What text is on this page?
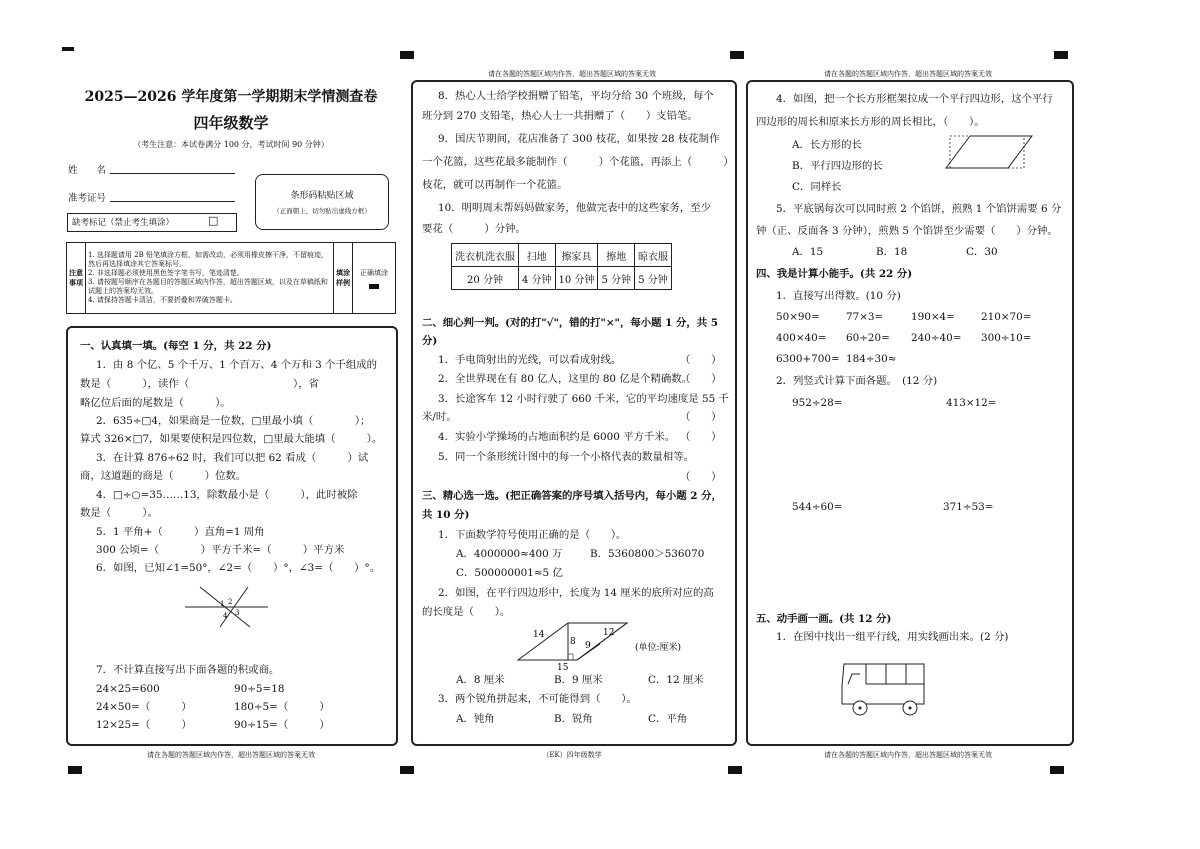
请在各题的答题区域内作答，超出答题区域的答案无效	请在各题的答题区域内作答，超出答题区域的答案无效
请在各题的答题区域内作答，超出答题区域的答案无效	（EK）四年级数学	请在各题的答题区域内作答，超出答题区域的答案无效
2025—2026 学年度第一学期期末学情测查卷
四年级数学
（考生注意：本试卷满分 100 分，考试时间 90 分钟）
姓　　名
准考证号
缺考标记（禁止考生填涂）	□
条形码粘贴区域
（正面朝上，切勿贴出虚线方框）
注意事项	
1. 选择题请用 2B 铅笔填涂方框，如需改动，必须用橡皮擦干净，不留痕迹，然后再选择填涂其它答案标号。
2. 非选择题必须使用黑色签字笔书写，笔迹清楚。
3. 请按题号顺序在各题目的答题区域内作答，超出答题区域，以及在草稿纸和试题上的答案均无效。
4. 请保持答题卡清洁，不要折叠和弄破答题卡。
	填涂样例	
正确填涂
一、认真填一填。(每空 1 分，共 22 分)
1．由 8 个亿、5 个千万、1 个百万、4 个万和 3 个千组成的
数是（　　　），读作（　　　　　　　　　　），省
略亿位后面的尾数是（　　　）。
2．635÷□4，如果商是一位数，□里最小填（　　　　）；
算式 326×□7，如果要使积是四位数，□里最大能填（　　　）。
3．在计算 876÷62 时，我们可以把 62 看成（　　　）试
商，这道题的商是（　　　）位数。
4．□÷○=35……13，除数最小是（　　　），此时被除
数是（　　　）。
5．1 平角+（　　　）直角=1 周角
300 公顷=（　　　　）平方千米=（　　　）平方米
6．如图，已知∠1=50°，∠2=（　　）°，∠3=（　　）°。
1 2
3
4
7．不计算直接写出下面各题的积或商。
24×25=600	90÷5=18
24×50=（　　　）	180÷5=（　　　）
12×25=（　　　）	90÷15=（　　　）
8．热心人士给学校捐赠了铅笔，平均分给 30 个班级，每个
班分到 270 支铅笔，热心人士一共捐赠了（　　）支铅笔。
9．国庆节期间，花店准备了 300 枝花，如果按 28 枝花制作
一个花篮，这些花最多能制作（　　　）个花篮，再添上（　　　）
枝花，就可以再制作一个花篮。
10．明明周末帮妈妈做家务，他做完表中的这些家务，至少
要花（　　　）分钟。
洗衣机洗衣服	扫地	擦家具	擦地	晾衣服
20 分钟	4 分钟	10 分钟	5 分钟	5 分钟
二、细心判一判。(对的打"√"，错的打"×"，每小题 1 分，共 5
分)
1．手电筒射出的光线，可以看成射线。	（　　）
2．全世界现在有 80 亿人，这里的 80 亿是个精确数。
（　　）
3．长途客车 12 小时行驶了 660 千米，它的平均速度是 55 千
米/时。	（　　）
4．实验小学操场的占地面积约是 6000 平方千米。 （　　）
5．同一个条形统计图中的每一个小格代表的数量相等。
（　　）
三、精心选一选。(把正确答案的序号填入括号内，每小题 2 分，
共 10 分)
1．下面数学符号使用正确的是（　　）。
A．4000000≈400 万	B．5360800＞536070
C．500000001≈5 亿
2．如图，在平行四边形中，长度为 14 厘米的底所对应的高
的长度是（　　）。
14
8 9
12
15
(单位:厘米)
A．8 厘米	B．9 厘米	C．12 厘米
3．两个锐角拼起来，不可能得到（　　）。
A．钝角	B．锐角	C．平角
4．如图，把一个长方形框架拉成一个平行四边形，这个平行
四边形的周长和原来长方形的周长相比，（　　）。
A．长方形的长
B．平行四边形的长
C．同样长
5．平底锅每次可以同时煎 2 个馅饼，煎熟 1 个馅饼需要 6 分
钟（正、反面各 3 分钟），煎熟 5 个馅饼至少需要（　　）分钟。
A．15	B．18	C．30
四、我是计算小能手。(共 22 分)
1．直接写出得数。(10 分)
50×90=	77×3=	190×4=	210×70=
400×40= 60÷20= 240÷40= 300÷10=
6300+700= 184÷30≈
2．列竖式计算下面各题。　(12 分)
952÷28=	413×12=
544÷60=	371÷53=
五、动手画一画。(共 12 分)
1．在图中找出一组平行线，用实线画出来。(2 分)
